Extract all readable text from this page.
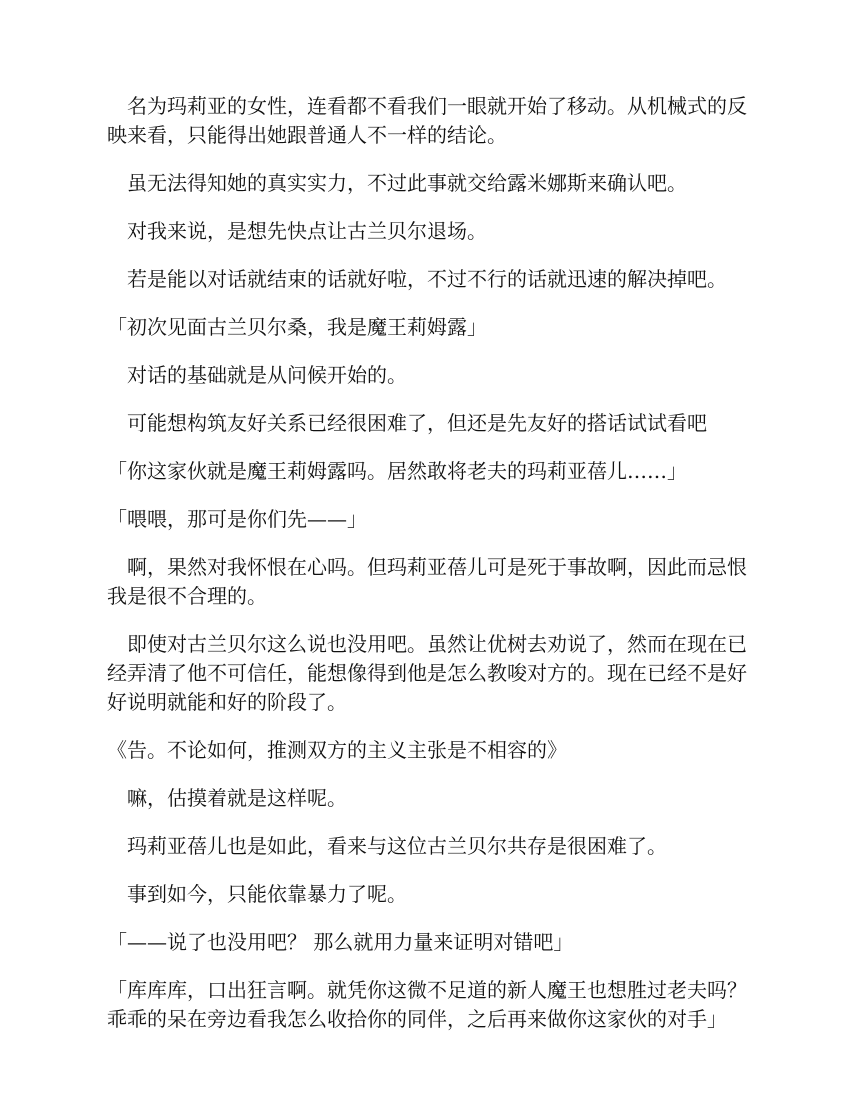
名为玛莉亚的女性，连看都不看我们一眼就开始了移动。从机械式的反映来看，只能得出她跟普通人不一样的结论。

虽无法得知她的真实实力，不过此事就交给露米娜斯来确认吧。

对我来说，是想先快点让古兰贝尔退场。

若是能以对话就结束的话就好啦，不过不行的话就迅速的解决掉吧。

「初次见面古兰贝尔桑，我是魔王莉姆露」

对话的基础就是从问候开始的。

可能想构筑友好关系已经很困难了，但还是先友好的搭话试试看吧

「你这家伙就是魔王莉姆露吗。居然敢将老夫的玛莉亚蓓儿……」

「喂喂，那可是你们先——」

啊，果然对我怀恨在心吗。但玛莉亚蓓儿可是死于事故啊，因此而忌恨我是很不合理的。

即使对古兰贝尔这么说也没用吧。虽然让优树去劝说了，然而在现在已经弄清了他不可信任，能想像得到他是怎么教唆对方的。现在已经不是好好说明就能和好的阶段了。

《告。不论如何，推测双方的主义主张是不相容的》

嘛，估摸着就是这样呢。

玛莉亚蓓儿也是如此，看来与这位古兰贝尔共存是很困难了。

事到如今，只能依靠暴力了呢。

「——说了也没用吧？ 那么就用力量来证明对错吧」

「库库库，口出狂言啊。就凭你这微不足道的新人魔王也想胜过老夫吗？ 乖乖的呆在旁边看我怎么收拾你的同伴，之后再来做你这家伙的对手」
